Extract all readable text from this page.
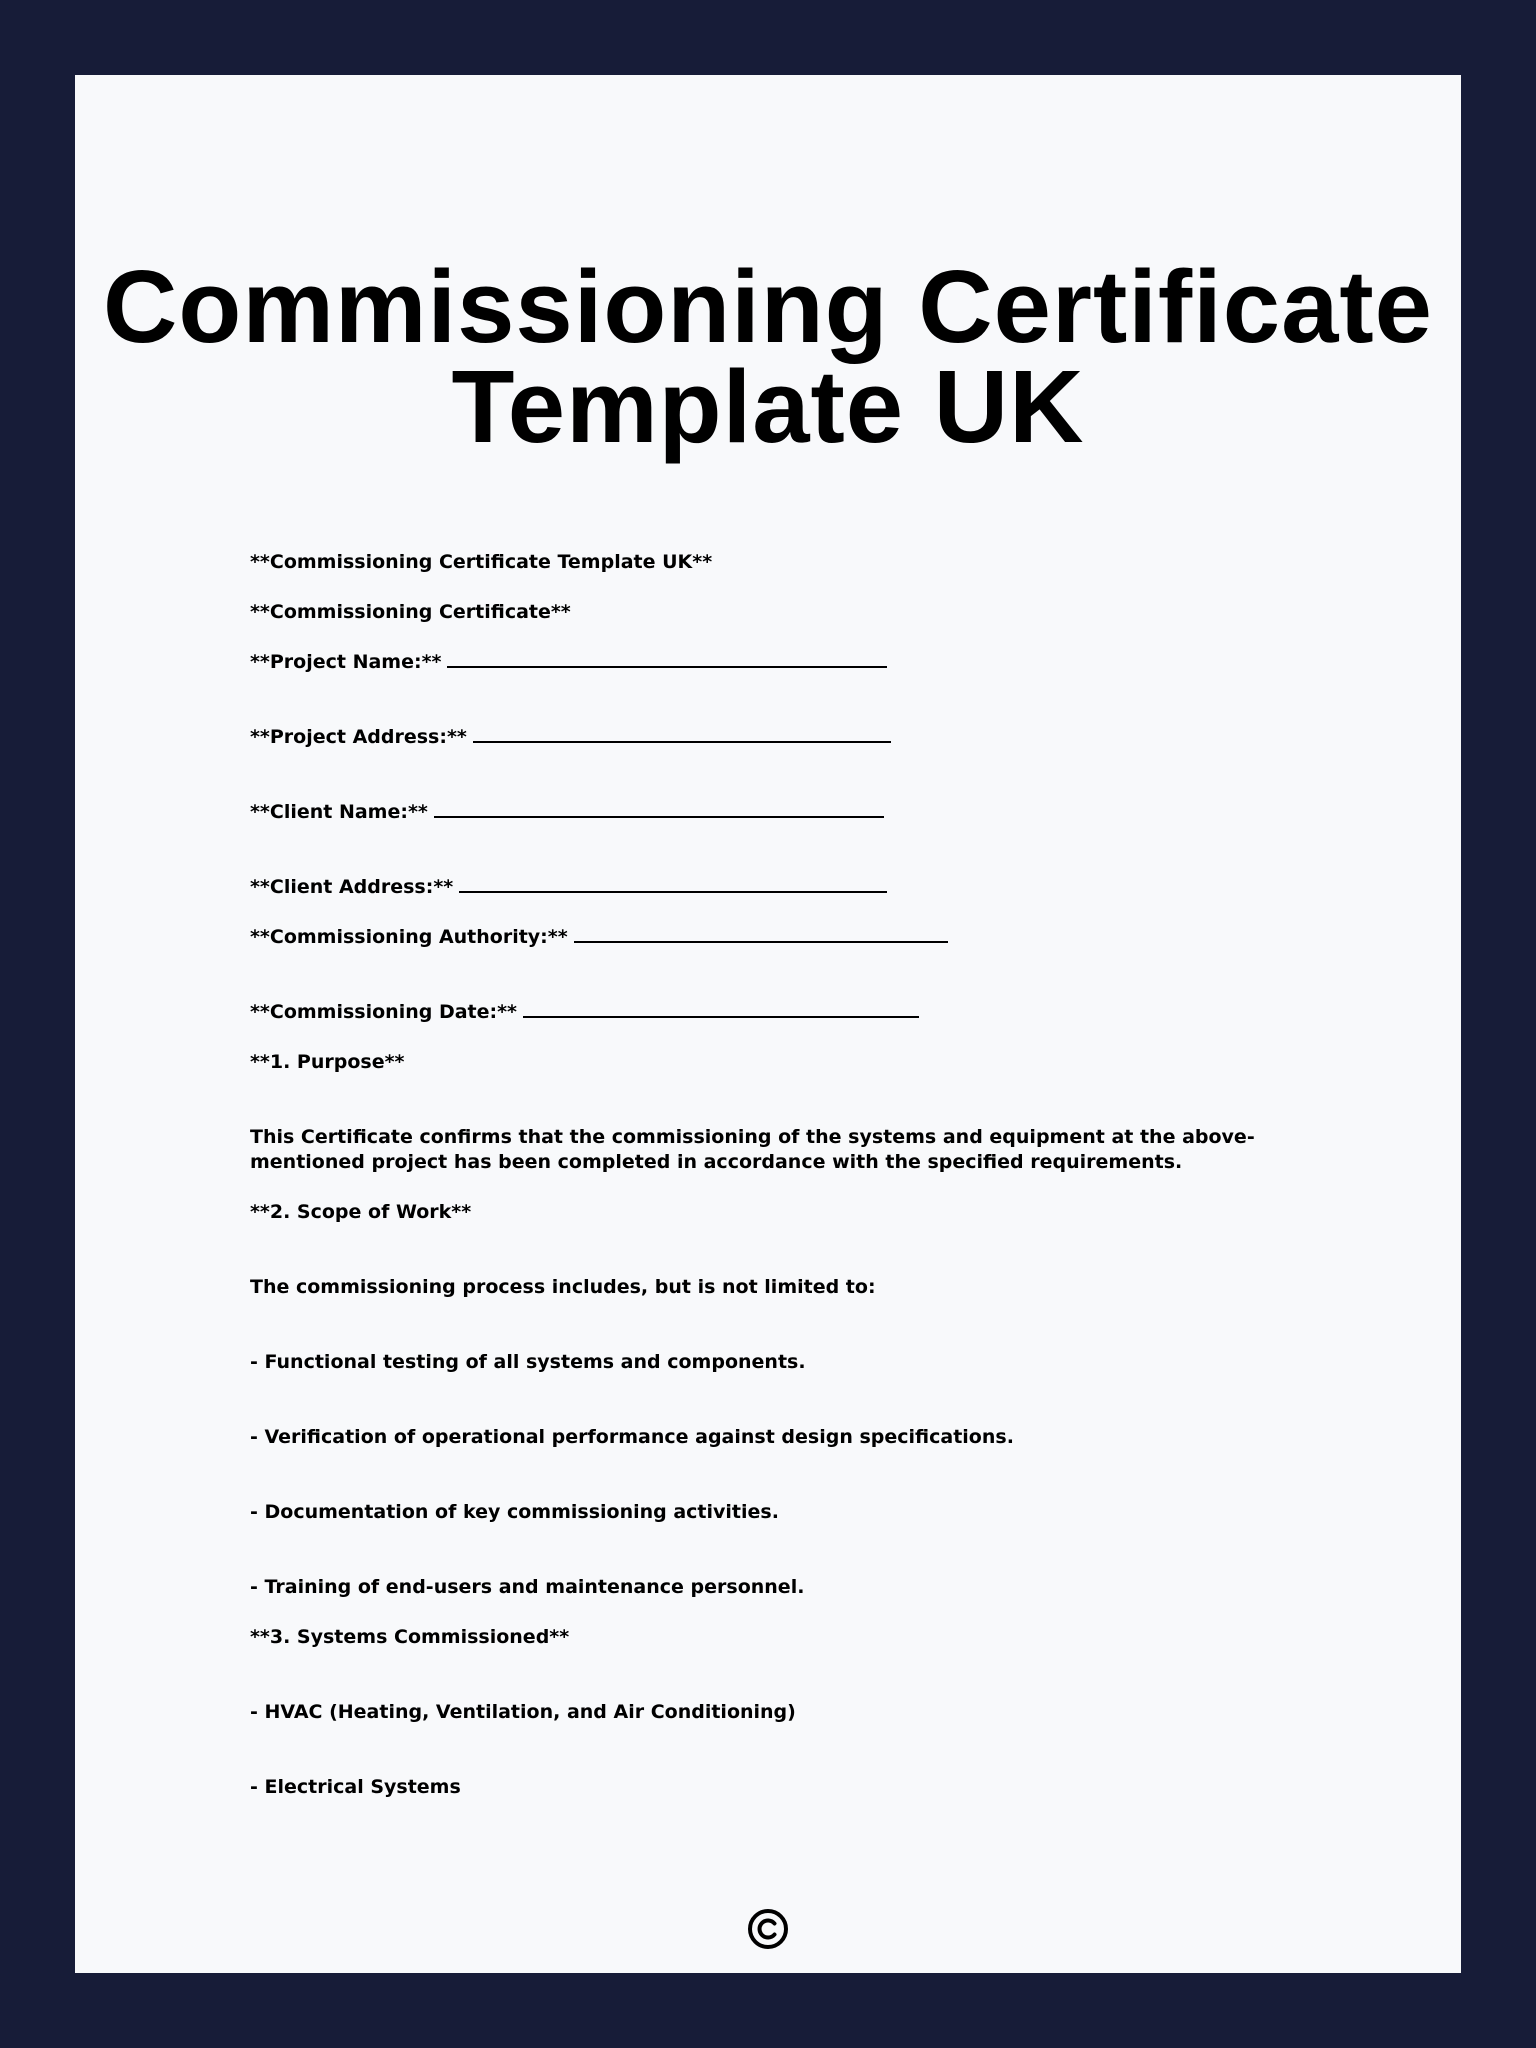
Commissioning Certificate Template UK

**Commissioning Certificate Template UK**

**Commissioning Certificate**

**Project Name:**

**Project Address:**

**Client Name:**

**Client Address:**

**Commissioning Authority:**

**Commissioning Date:**

**1. Purpose**

This Certificate confirms that the commissioning of the systems and equipment at the above-mentioned project has been completed in accordance with the specified requirements.

**2. Scope of Work**

The commissioning process includes, but is not limited to:

- Functional testing of all systems and components.

- Verification of operational performance against design specifications.

- Documentation of key commissioning activities.

- Training of end-users and maintenance personnel.

**3. Systems Commissioned**

- HVAC (Heating, Ventilation, and Air Conditioning)

- Electrical Systems
